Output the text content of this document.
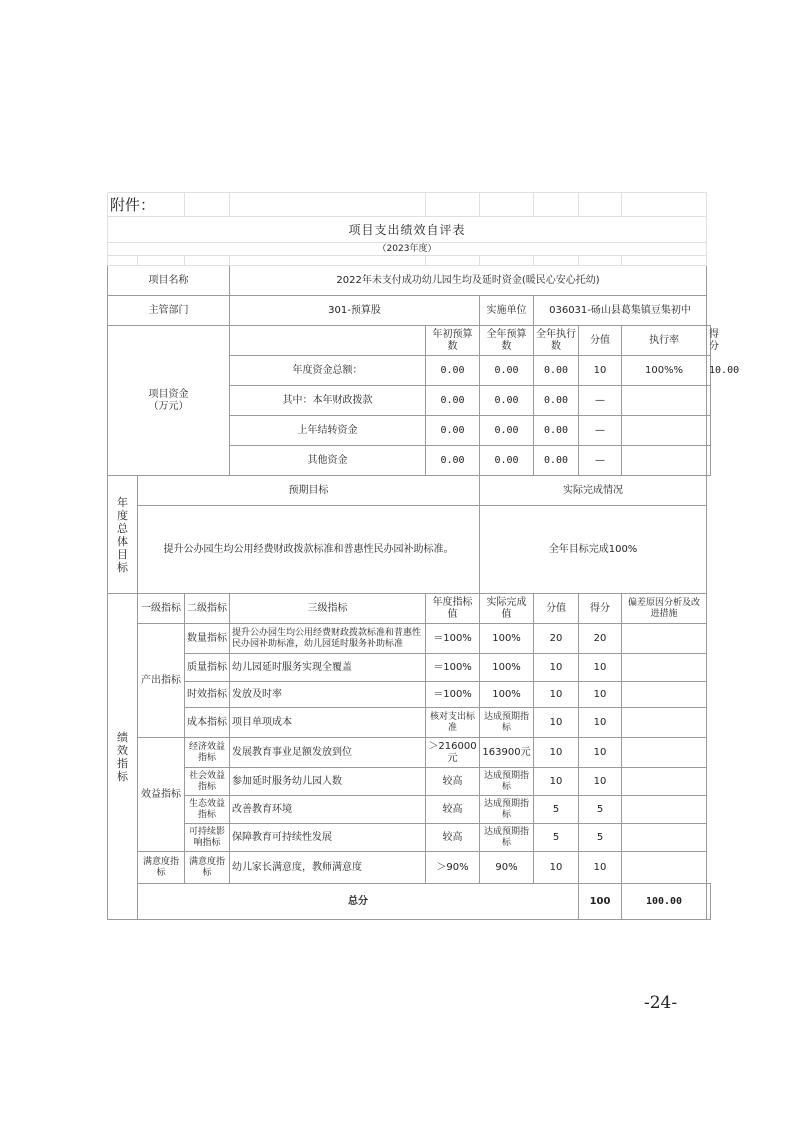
附件：									
项目支出绩效自评表									
（2023年度）									

项目名称			2022年未支付成功幼儿园生均及延时资金(暖民心安心托幼)						
主管部门			301-预算股		实施单位	036031-砀山县葛集镇豆集初中			
项目资金
（万元）				年初预算数	全年预算数	全年执行数	分值	执行率	得分
			年度资金总额：	0.00	0.00	0.00	10	100%%	10.00
			其中：本年财政拨款	0.00	0.00	0.00	—		
			上年结转资金	0.00	0.00	0.00	—		
			其他资金	0.00	0.00	0.00	—		

年度总体目标	预期目标				实际完成情况				
	提升公办园生均公用经费财政拨款标准和普惠性民办园补助标准。				全年目标完成100%				

绩效指标	一级指标	二级指标	三级指标	年度指标值	实际完成值	分值	得分	偏差原因分析及改进措施	
	产出指标	数量指标	提升公办园生均公用经费财政拨款标准和普惠性民办园补助标准，幼儿园延时服务补助标准	＝100%	100%	20	20		
		质量指标	幼儿园延时服务实现全覆盖	＝100%	100%	10	10		
		时效指标	发放及时率	＝100%	100%	10	10		
		成本指标	项目单项成本	核对支出标准	达成预期指标	10	10		
	效益指标	经济效益指标	发展教育事业足额发放到位	＞216000元	163900元	10	10		
		社会效益指标	参加延时服务幼儿园人数	较高	达成预期指标	10	10		
		生态效益指标	改善教育环境	较高	达成预期指标	5	5		
		可持续影响指标	保障教育可持续性发展	较高	达成预期指标	5	5		
	满意度指标	满意度指标	幼儿家长满意度，教师满意度	＞90%	90%	10	10		
	总分						100	100.00	
-24-
